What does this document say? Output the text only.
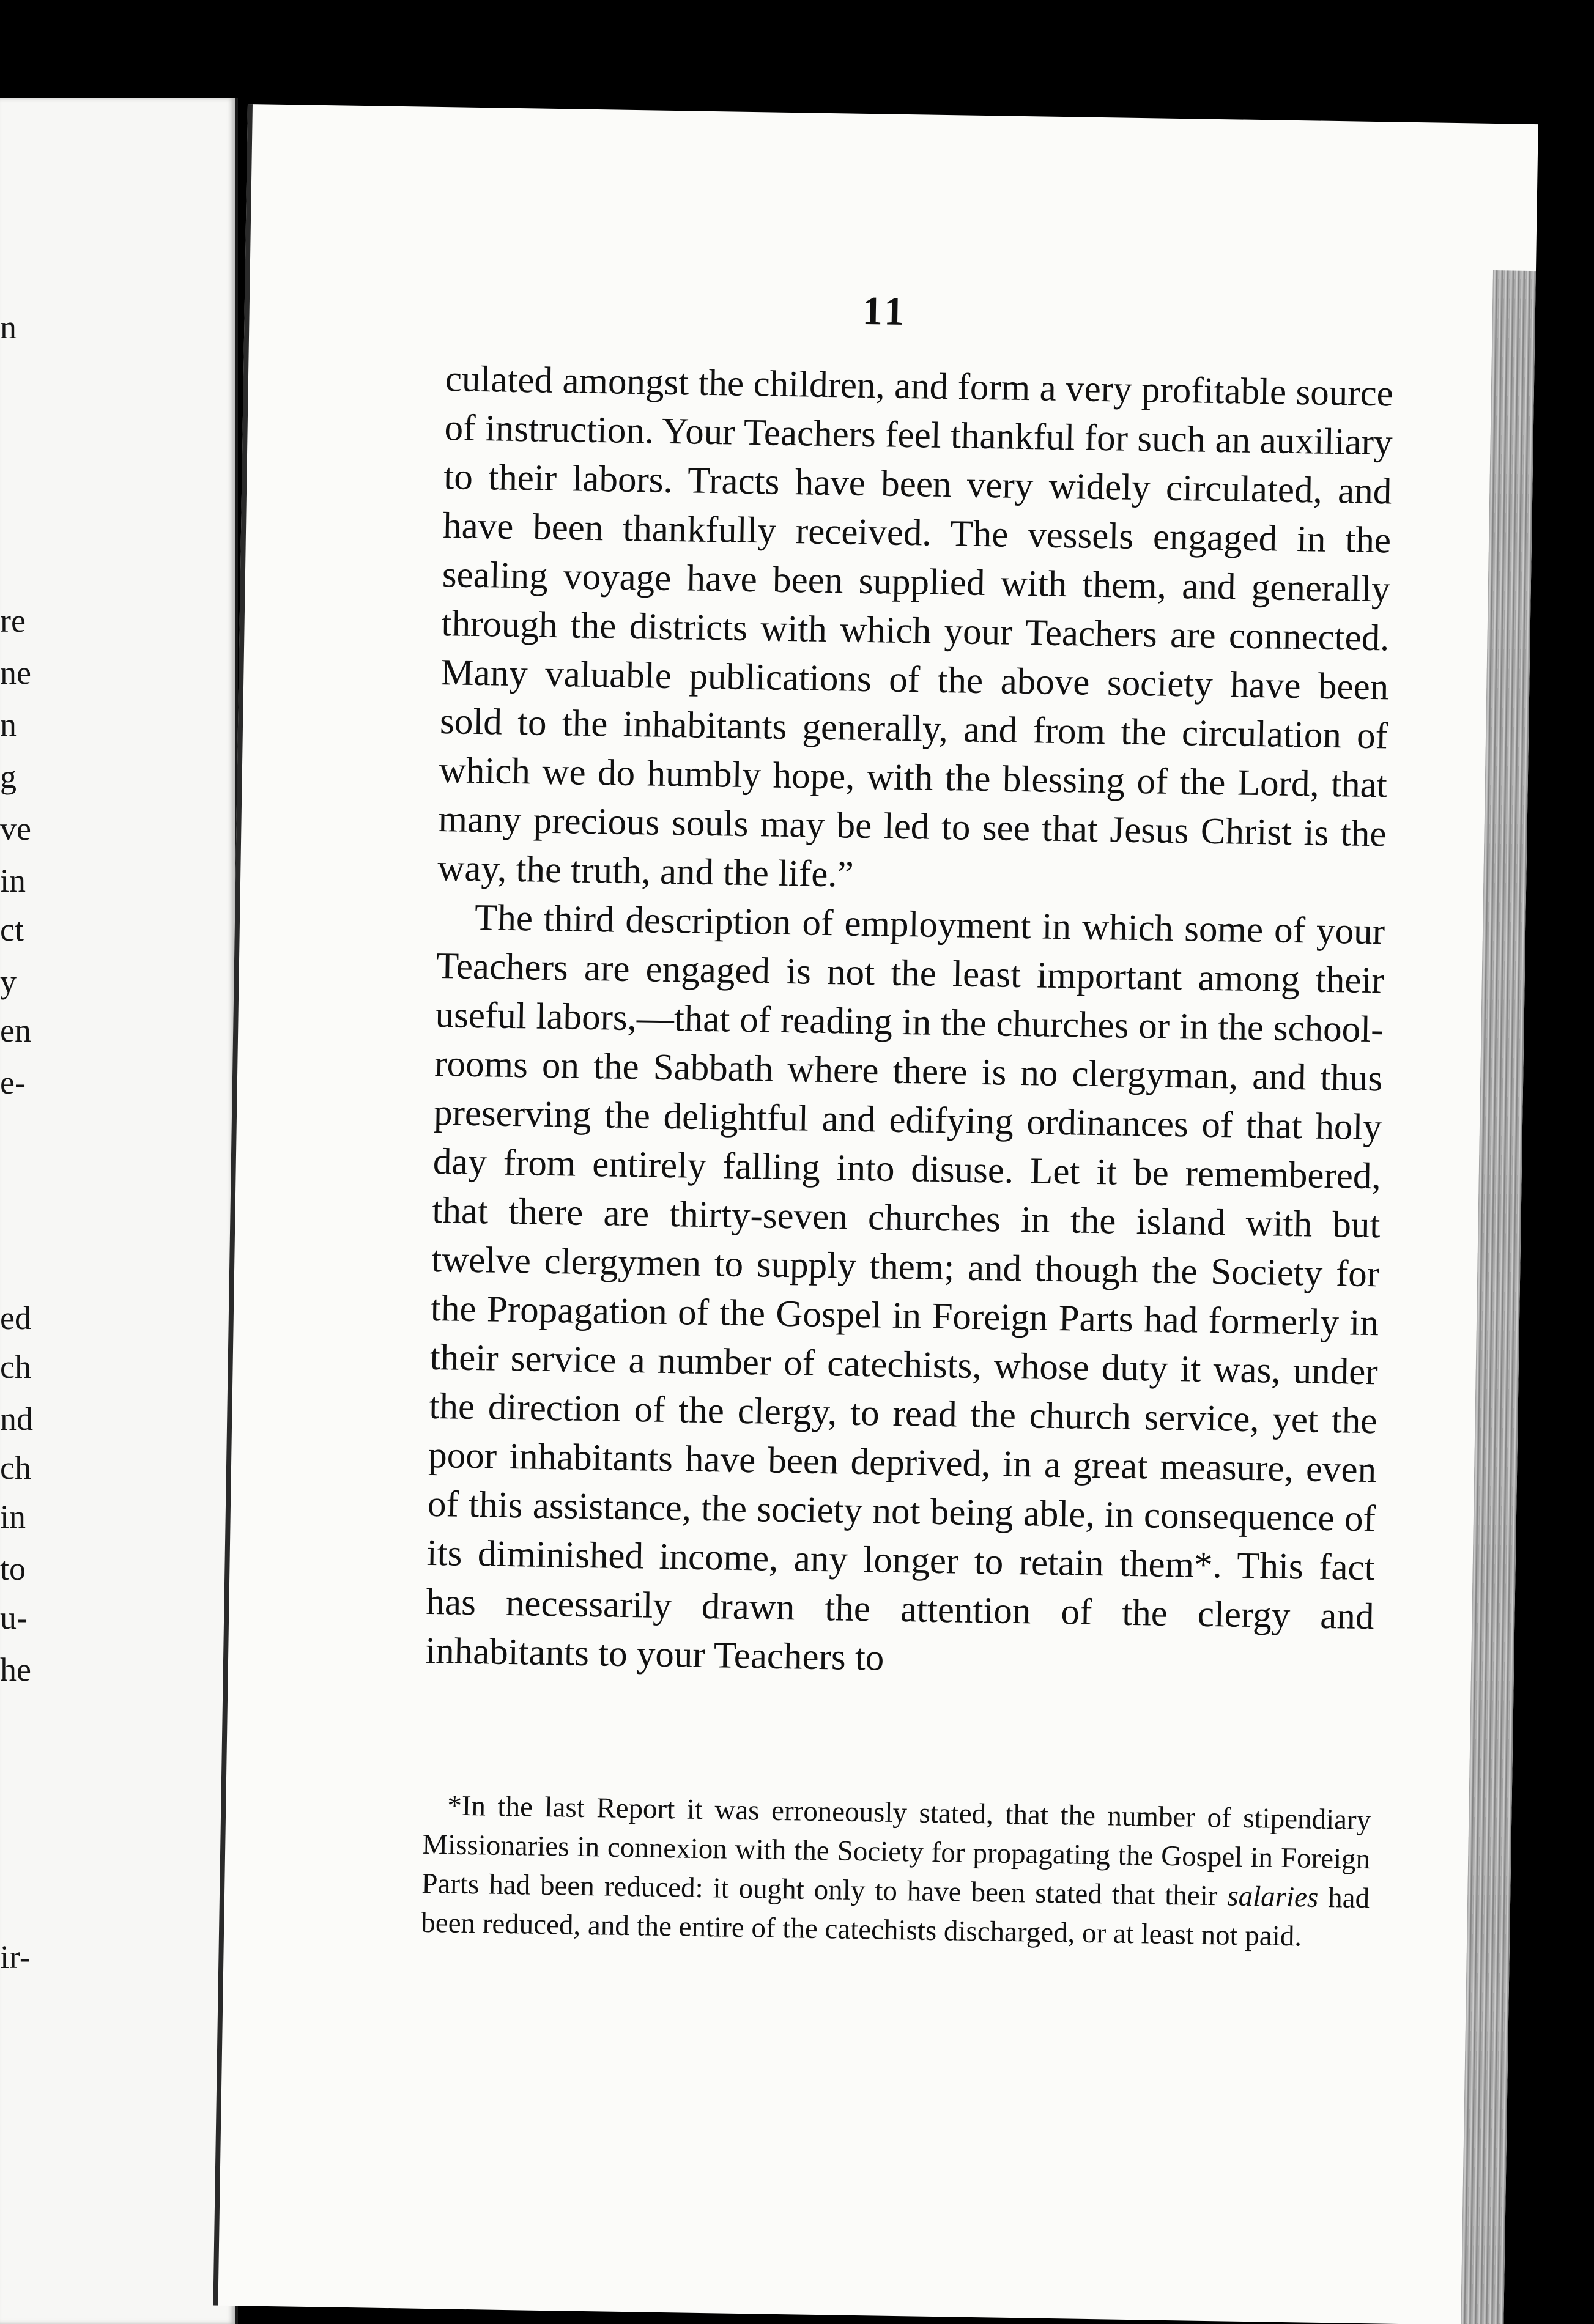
n
re
ne
n
g
ve
in
ct
y
en
e-
ed
ch
nd
ch
in
to
u-
he
ir-
11

culated amongst the children, and form a very profitable source of instruction. Your Teachers feel thankful for such an auxiliary to their labors. Tracts have been very widely circulated, and have been thankfully received. The vessels engaged in the sealing voyage have been supplied with them, and generally through the districts with which your Teachers are connected. Many valuable publications of the above society have been sold to the inhabitants generally, and from the circulation of which we do humbly hope, with the blessing of the Lord, that many precious souls may be led to see that Jesus Christ is the way, the truth, and the life.”

The third description of employment in which some of your Teachers are engaged is not the least important among their useful labors,—that of reading in the churches or in the school-rooms on the Sabbath where there is no clergyman, and thus preserving the delightful and edifying ordinances of that holy day from entirely falling into disuse. Let it be remembered, that there are thirty-seven churches in the island with but twelve clergymen to supply them; and though the Society for the Propagation of the Gospel in Foreign Parts had formerly in their service a number of catechists, whose duty it was, under the direction of the clergy, to read the church service, yet the poor inhabitants have been deprived, in a great measure, even of this assistance, the society not being able, in consequence of its diminished income, any longer to retain them*. This fact has necessarily drawn the attention of the clergy and inhabitants to your Teachers to

*In the last Report it was erroneously stated, that the number of stipendiary Missionaries in connexion with the Society for propagating the Gospel in Foreign Parts had been reduced: it ought only to have been stated that their salaries had been reduced, and the entire of the catechists discharged, or at least not paid.
